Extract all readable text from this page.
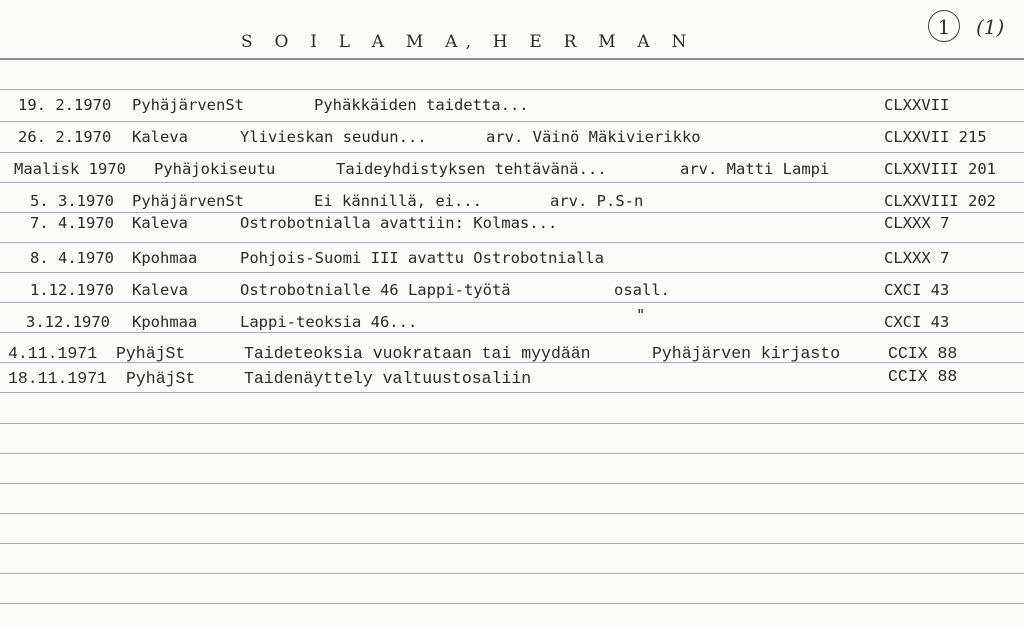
S O I L A M A, H E R M A N
1	(1)
19. 2.1970 PyhäjärvenSt	Pyhäkkäiden taidetta...	CLXXVII
26. 2.1970 Kaleva	Ylivieskan seudun...	arv. Väinö Mäkivierikko	CLXXVII 215
Maalisk 1970 Pyhäjokiseutu	Taideyhdistyksen tehtävänä...	arv. Matti Lampi	CLXXVIII 201
5. 3.1970 PyhäjärvenSt	Ei kännillä, ei...	arv. P.S-n	CLXXVIII 202
7. 4.1970 Kaleva	Ostrobotnialla avattiin: Kolmas...	CLXXX 7
8. 4.1970 Kpohmaa	Pohjois-Suomi III avattu Ostrobotnialla	CLXXX 7
1.12.1970 Kaleva	Ostrobotnialle 46 Lappi-työtä	osall.	CXCI 43
3.12.1970 Kpohmaa	Lappi-teoksia 46...	"	CXCI 43
4.11.1971 PyhäjSt	Taideteoksia vuokrataan tai myydään	Pyhäjärven kirjasto	CCIX 88
18.11.1971 PyhäjSt	Taidenäyttely valtuustosaliin	CCIX 88
